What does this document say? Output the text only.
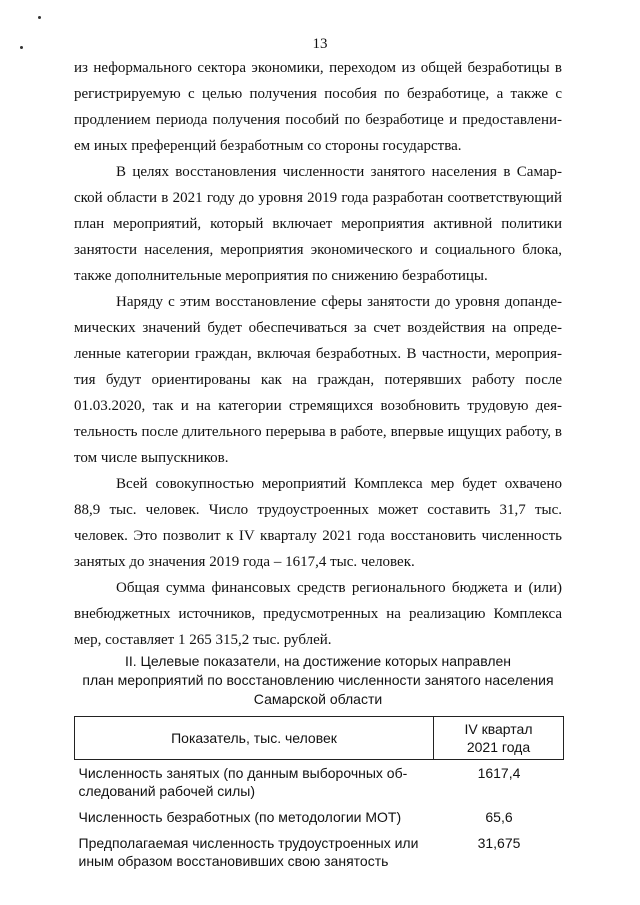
13

из неформального сектора экономики, переходом из общей безработицы в регистрируемую с целью получения пособия по безработице, а также с продлением периода получения пособий по безработице и предоставлением иных преференций безработным со стороны государства.

В целях восстановления численности занятого населения в Самарской области в 2021 году до уровня 2019 года разработан соответствующий план мероприятий, который включает мероприятия активной политики занятости населения, мероприятия экономического и социального блока, также дополнительные мероприятия по снижению безработицы.

Наряду с этим восстановление сферы занятости до уровня допандемических значений будет обеспечиваться за счет воздействия на определенные категории граждан, включая безработных. В частности, мероприятия будут ориентированы как на граждан, потерявших работу после 01.03.2020, так и на категории стремящихся возобновить трудовую деятельность после длительного перерыва в работе, впервые ищущих работу, в том числе выпускников.

Всей совокупностью мероприятий Комплекса мер будет охвачено 88,9 тыс. человек. Число трудоустроенных может составить 31,7 тыс. человек. Это позволит к IV кварталу 2021 года восстановить численность занятых до значения 2019 года – 1617,4 тыс. человек.

Общая сумма финансовых средств регионального бюджета и (или) внебюджетных источников, предусмотренных на реализацию Комплекса мер, составляет 1 265 315,2 тыс. рублей.

II. Целевые показатели, на достижение которых направлен
план мероприятий по восстановлению численности занятого населения
Самарской области
Показатель, тыс. человек	IV квартал
2021 года

Численность занятых (по данным выборочных обследований рабочей силы)	1617,4
Численность безработных (по методологии МОТ)	65,6
Предполагаемая численность трудоустроенных или иным образом восстановивших свою занятость	31,675
